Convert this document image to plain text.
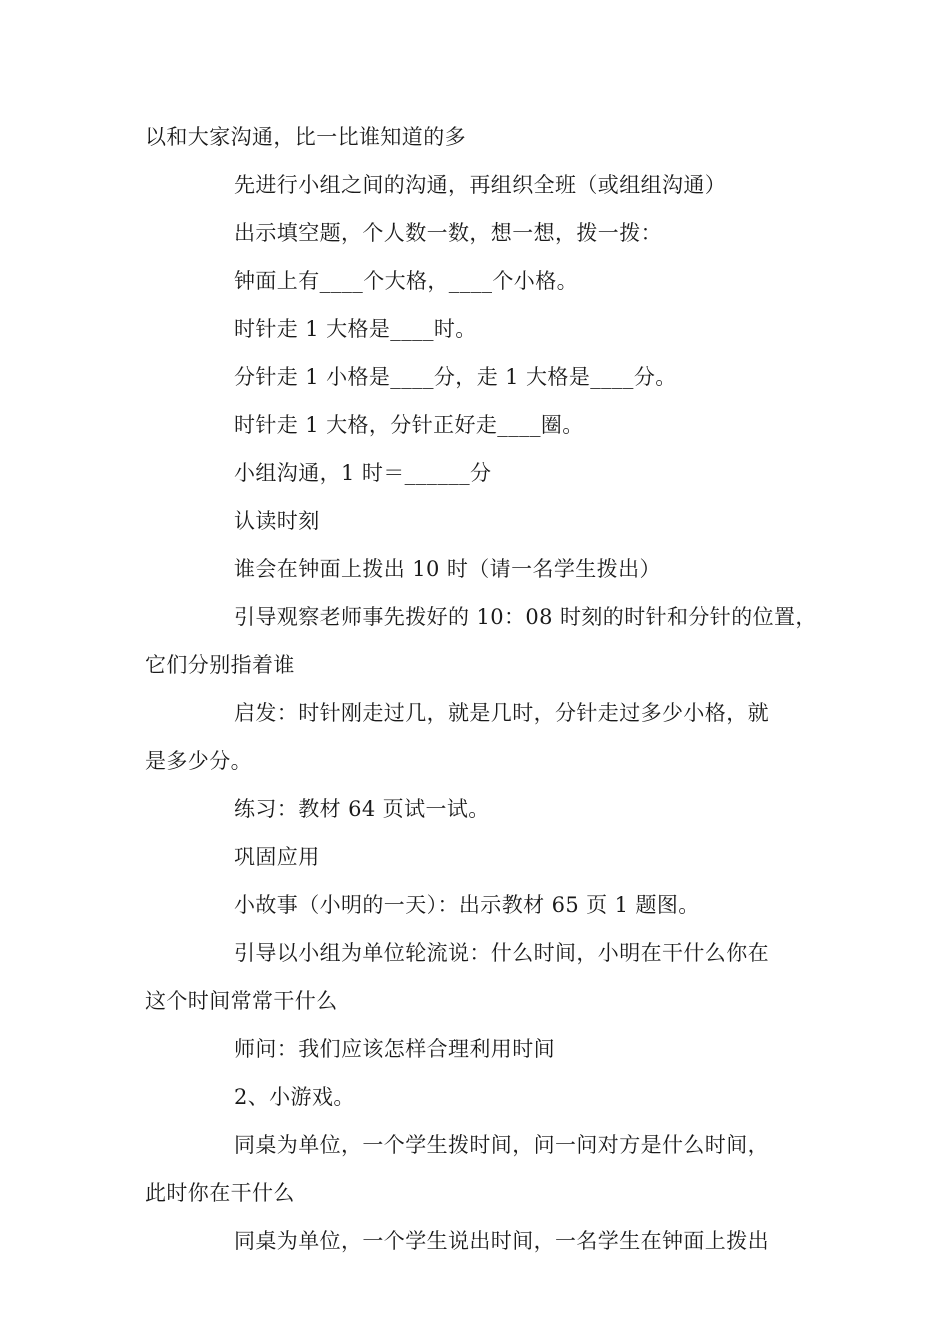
以和大家沟通，比一比谁知道的多

先进行小组之间的沟通，再组织全班（或组组沟通）

出示填空题，个人数一数，想一想，拨一拨：

钟面上有____个大格，____个小格。

时针走 1 大格是____时。

分针走 1 小格是____分，走 1 大格是____分。

时针走 1 大格，分针正好走____圈。

小组沟通，1 时＝______分

认读时刻

谁会在钟面上拨出 10 时（请一名学生拨出）

引导观察老师事先拨好的 10：08 时刻的时针和分针的位置，
它们分别指着谁
启发：时针刚走过几，就是几时，分针走过多少小格，就
是多少分。

练习：教材 64 页试一试。

巩固应用

小故事（小明的一天）：出示教材 65 页 1 题图。

引导以小组为单位轮流说：什么时间，小明在干什么你在
这个时间常常干什么

师问：我们应该怎样合理利用时间

2、小游戏。

同桌为单位，一个学生拨时间，问一问对方是什么时间，
此时你在干什么

同桌为单位，一个学生说出时间，一名学生在钟面上拨出
